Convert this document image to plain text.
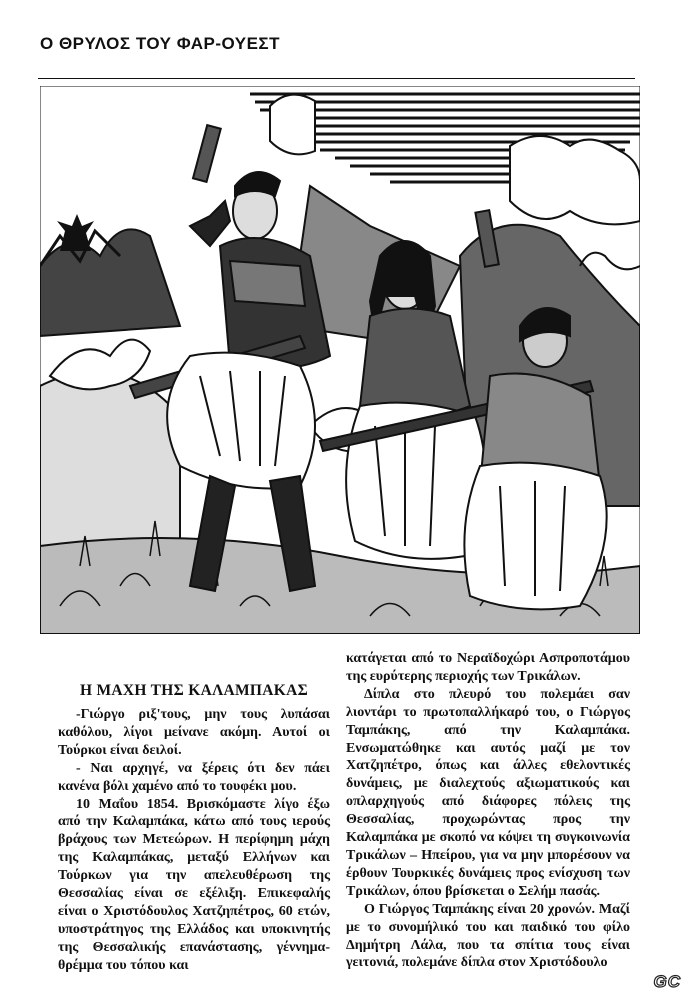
Ο ΘΡΥΛΟΣ ΤΟΥ ΦΑΡ-ΟΥΕΣΤ
Η ΜΑΧΗ ΤΗΣ ΚΑΛΑΜΠΑΚΑΣ

-Γιώργο ριξ'τους, μην τους λυπάσαι καθόλου, λίγοι μείνανε ακόμη. Αυτοί οι Τούρκοι είναι δειλοί.

- Ναι αρχηγέ, να ξέρεις ότι δεν πάει κανένα βόλι χαμένο από το τουφέκι μου.

10 Μαΐου 1854. Βρισκόμαστε λίγο έξω από την Καλαμπάκα, κάτω από τους ιερούς βράχους των Μετεώρων. Η περίφημη μάχη της Καλαμπάκας, μεταξύ Ελλήνων και Τούρκων για την απελευθέρωση της Θεσσαλίας είναι σε εξέλιξη. Επικεφαλής είναι ο Χριστόδουλος Χατζηπέτρος, 60 ετών, υποστράτηγος της Ελλάδος και υποκινητής της Θεσσαλικής επανάστασης, γέννημα-θρέμμα του τόπου και

κατάγεται από το Νεραϊδοχώρι Ασπροποτάμου της ευρύτερης περιοχής των Τρικάλων.

Δίπλα στο πλευρό του πολεμάει σαν λιοντάρι το πρωτοπαλλήκαρό του, ο Γιώργος Ταμπάκης, από την Καλαμπάκα. Ενσωματώθηκε και αυτός μαζί με τον Χατζηπέτρο, όπως και άλλες εθελοντικές δυνάμεις, με διαλεχτούς αξιωματικούς και οπλαρχηγούς από διάφορες πόλεις της Θεσσαλίας, προχωρώντας προς την Καλαμπάκα με σκοπό να κόψει τη συγκοινωνία Τρικάλων – Ηπείρου, για να μην μπορέσουν να έρθουν Τουρκικές δυνάμεις προς ενίσχυση των Τρικάλων, όπου βρίσκεται ο Σελήμ πασάς.

Ο Γιώργος Ταμπάκης είναι 20 χρονών. Μαζί με το συνομήλικό του και παιδικό του φίλο Δημήτρη Λάλα, που τα σπίτια τους είναι γειτονιά, πολεμάνε δίπλα στον Χριστόδουλο

GC
